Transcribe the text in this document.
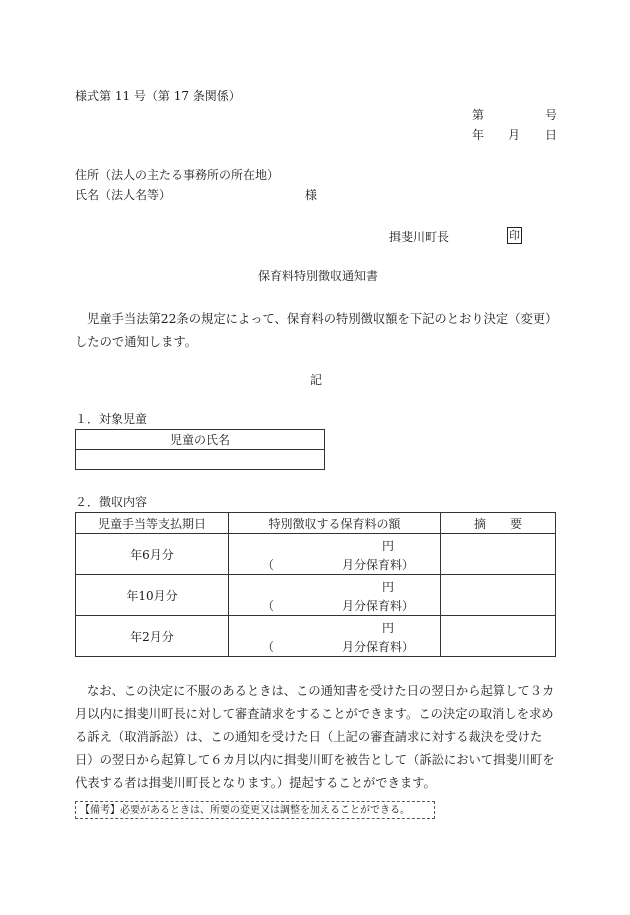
様式第 11 号（第 17 条関係）
第	号
年 月 日
住所（法人の主たる事務所の所在地）
氏名（法人名等）	様
揖斐川町長	印
保育料特別徴収通知書
児童手当法第22条の規定によって、保育料の特別徴収額を下記のとおり決定（変更）したので通知します。
記
１．対象児童
児童の氏名

２．徴収内容
児童手当等支払期日	特別徴収する保育料の額	摘　　要
年6月分	円
（ 月分保育料）	

年10月分	円
（ 月分保育料）	

年2月分	円
（ 月分保育料）	

なお、この決定に不服のあるときは、この通知書を受けた日の翌日から起算して３カ月以内に揖斐川町長に対して審査請求をすることができます。この決定の取消しを求める訴え（取消訴訟）は、この通知を受けた日（上記の審査請求に対する裁決を受けた日）の翌日から起算して６カ月以内に揖斐川町を被告として（訴訟において揖斐川町を代表する者は揖斐川町長となります。）提起することができます。
【備考】必要があるときは、所要の変更又は調整を加えることができる。
